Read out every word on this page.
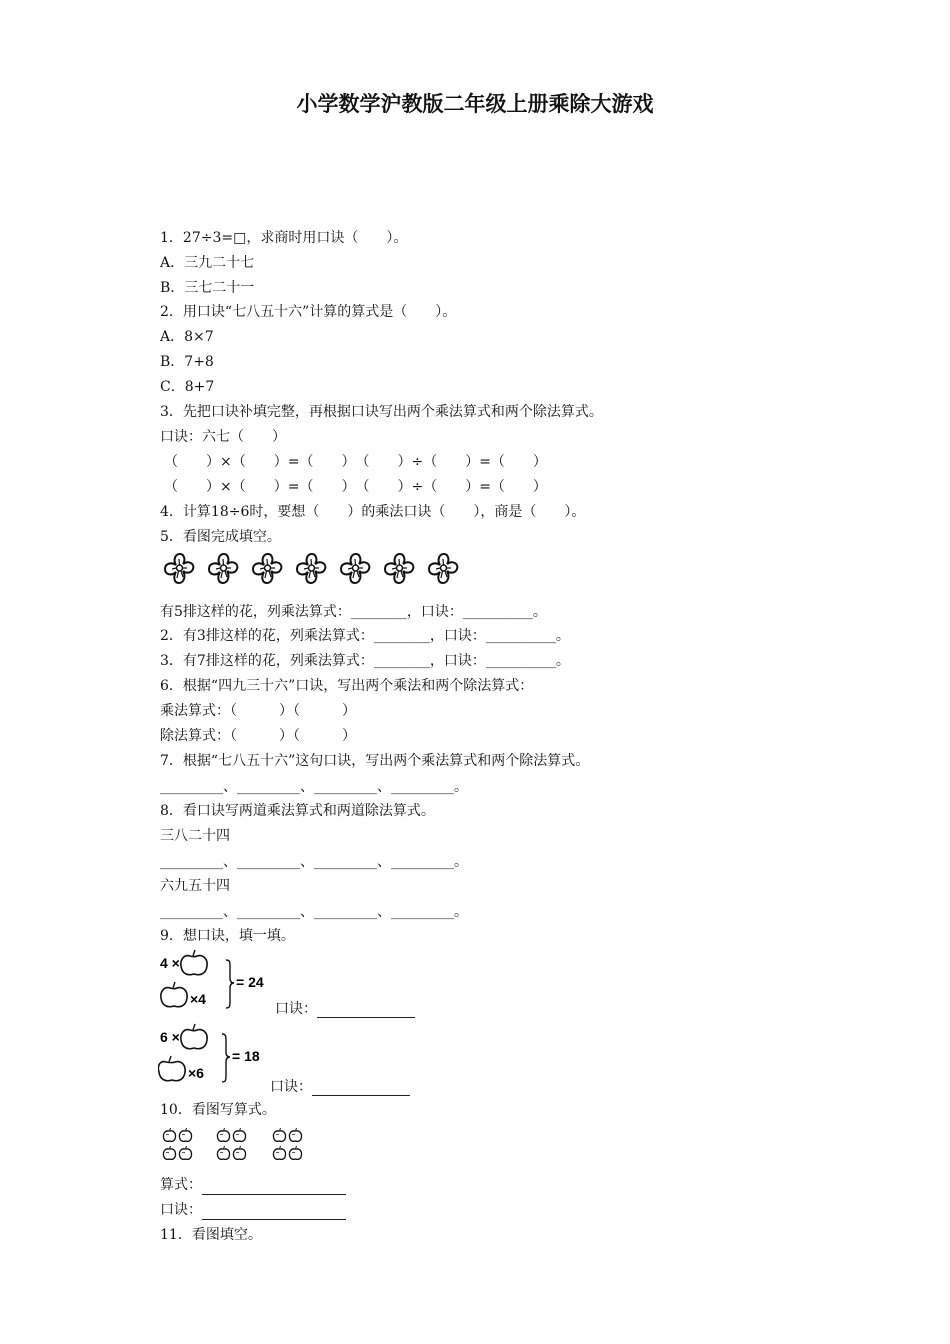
小学数学沪教版二年级上册乘除大游戏
1．27÷3=□，求商时用口诀（　　）。
A．三九二十七
B．三七二十一
2．用口诀“七八五十六”计算的算式是（　　）。
A．8×7
B．7+8
C．8+7
3．先把口诀补填完整，再根据口诀写出两个乘法算式和两个除法算式。
口诀：六七（　　）
（　　）×（　　）=（　　）　（　　）÷（　　）=（　　）
（　　）×（　　）=（　　）　（　　）÷（　　）=（　　）
4．计算18÷6时，要想（　　）的乘法口诀（　　），商是（　　）。
5．看图完成填空。
有5排这样的花，列乘法算式：________，口诀：__________。
2．有3排这样的花，列乘法算式：________，口诀：__________。
3．有7排这样的花，列乘法算式：________，口诀：__________。
6．根据“四九三十六”口诀，写出两个乘法和两个除法算式：
乘法算式：（　　　）（　　　）
除法算式：（　　　）（　　　）
7．根据“七八五十六”这句口诀，写出两个乘法算式和两个除法算式。
_________、_________、_________、_________。
8．看口诀写两道乘法算式和两道除法算式。
三八二十四
_________、_________、_________、_________。
六九五十四
_________、_________、_________、_________。
9．想口诀，填一填。
4 ×
×4
= 24
口诀：
6 ×
×6
= 18
口诀：
10．看图写算式。
算式：
口诀：
11．看图填空。
